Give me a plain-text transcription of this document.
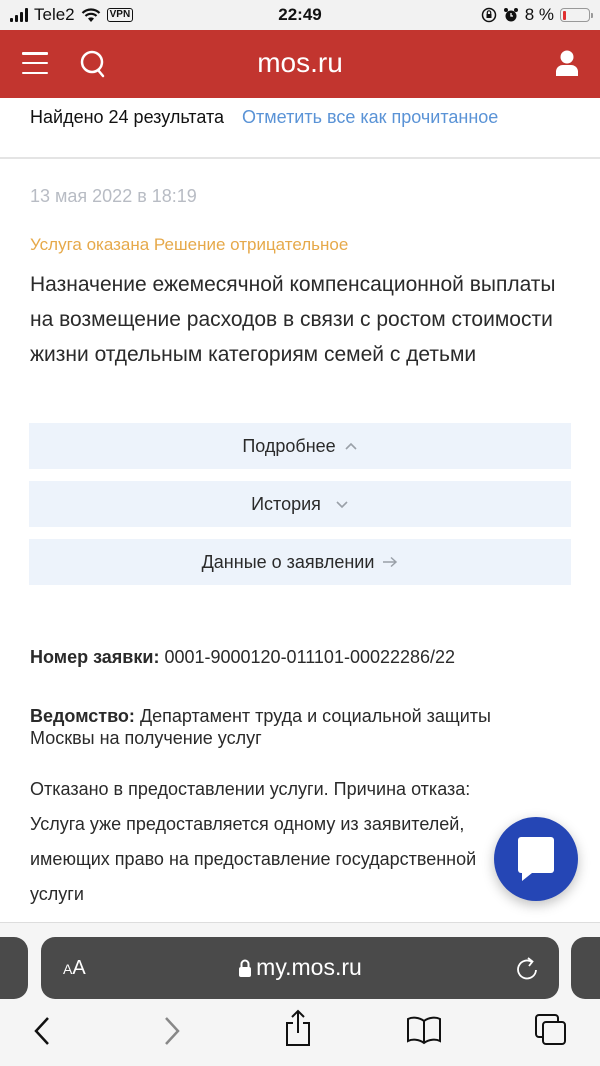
Tele2	VPN	22:49	8 %
mos.ru
Найдено 24 результата Отметить все как прочитанное
13 мая 2022 в 18:19
Услуга оказана Решение отрицательное
Назначение ежемесячной компенсационной выплаты на возмещение расходов в связи с ростом стоимости жизни отдельным категориям семей с детьми
Подробнее
История
Данные о заявлении
Номер заявки: 0001-9000120-011101-00022286/22
Ведомство: Департамент труда и социальной защиты Москвы на получение услуг
Отказано в предоставлении услуги. Причина отказа: Услуга уже предоставляется одному из заявителей, имеющих право на предоставление государственной услуги
AA	my.mos.ru
